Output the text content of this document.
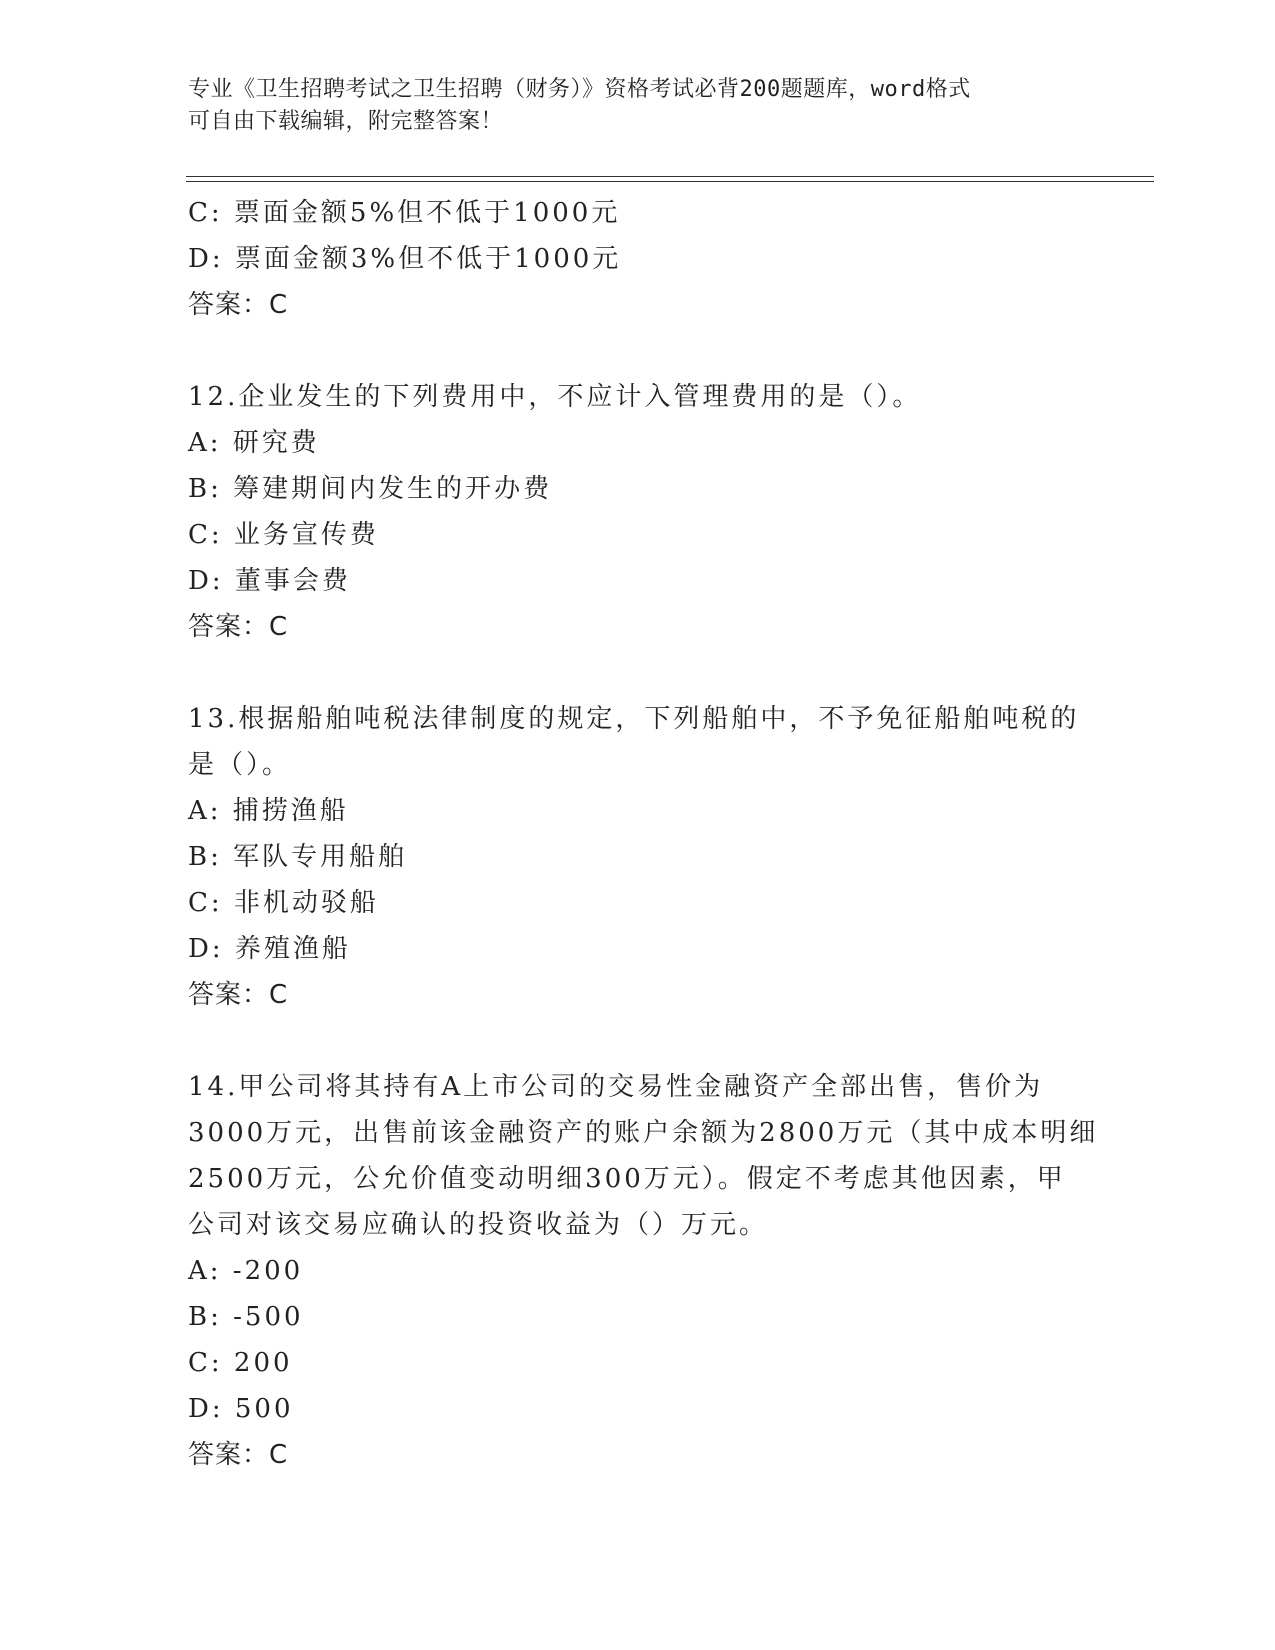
专业《卫生招聘考试之卫生招聘（财务）》资格考试必背200题题库，word格式
可自由下载编辑，附完整答案！
C: 票面金额5%但不低于1000元
D: 票面金额3%但不低于1000元
答案：C
12.企业发生的下列费用中，不应计入管理费用的是（）。
A: 研究费
B: 筹建期间内发生的开办费
C: 业务宣传费
D: 董事会费
答案：C
13.根据船舶吨税法律制度的规定，下列船舶中，不予免征船舶吨税的
是（）。
A: 捕捞渔船
B: 军队专用船舶
C: 非机动驳船
D: 养殖渔船
答案：C
14.甲公司将其持有A上市公司的交易性金融资产全部出售，售价为
3000万元，出售前该金融资产的账户余额为2800万元（其中成本明细
2500万元，公允价值变动明细300万元）。假定不考虑其他因素，甲
公司对该交易应确认的投资收益为（）万元。
A: -200
B: -500
C: 200
D: 500
答案：C
